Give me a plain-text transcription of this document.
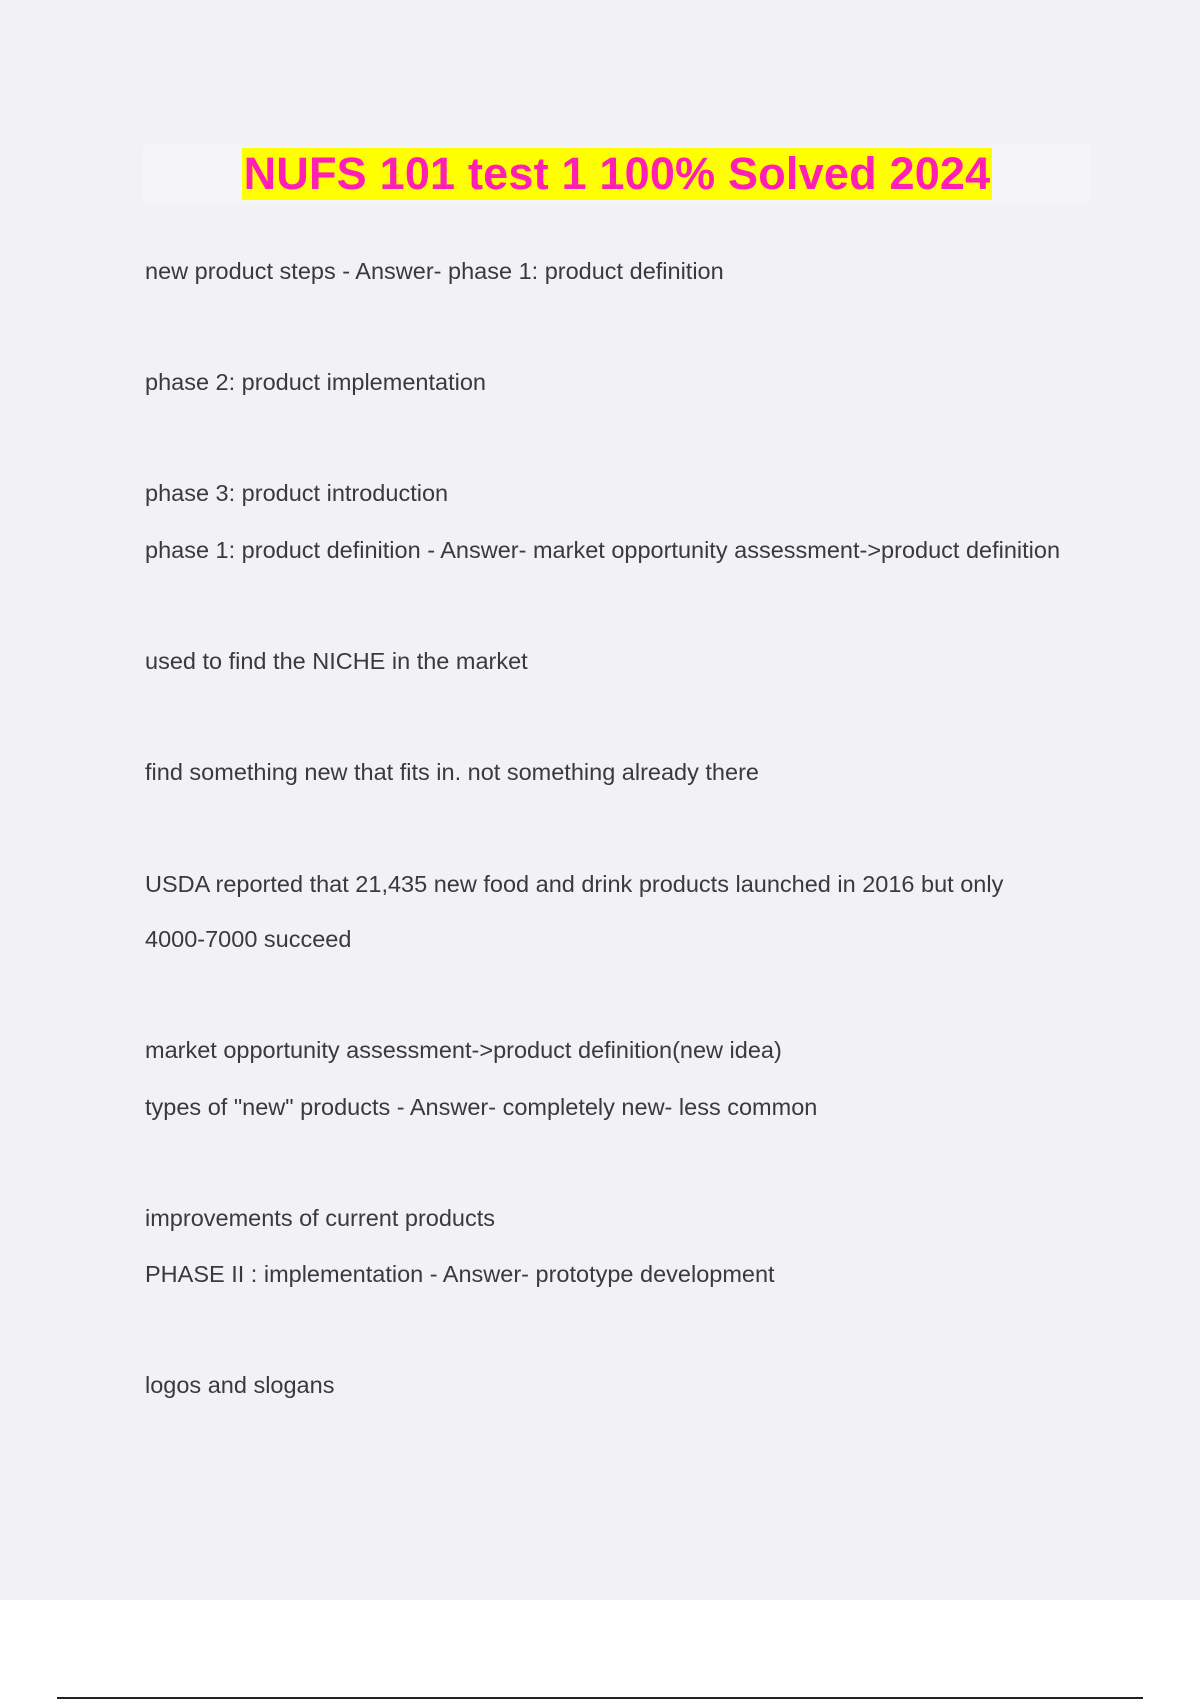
NUFS 101 test 1 100% Solved 2024
new product steps - Answer- phase 1: product definition
phase 2: product implementation
phase 3: product introduction
phase 1: product definition - Answer- market opportunity assessment->product definition
used to find the NICHE in the market
find something new that fits in. not something already there
USDA reported that 21,435 new food and drink products launched in 2016 but only
4000-7000 succeed
market opportunity assessment->product definition(new idea)
types of "new" products - Answer- completely new- less common
improvements of current products
PHASE II : implementation - Answer- prototype development
logos and slogans
